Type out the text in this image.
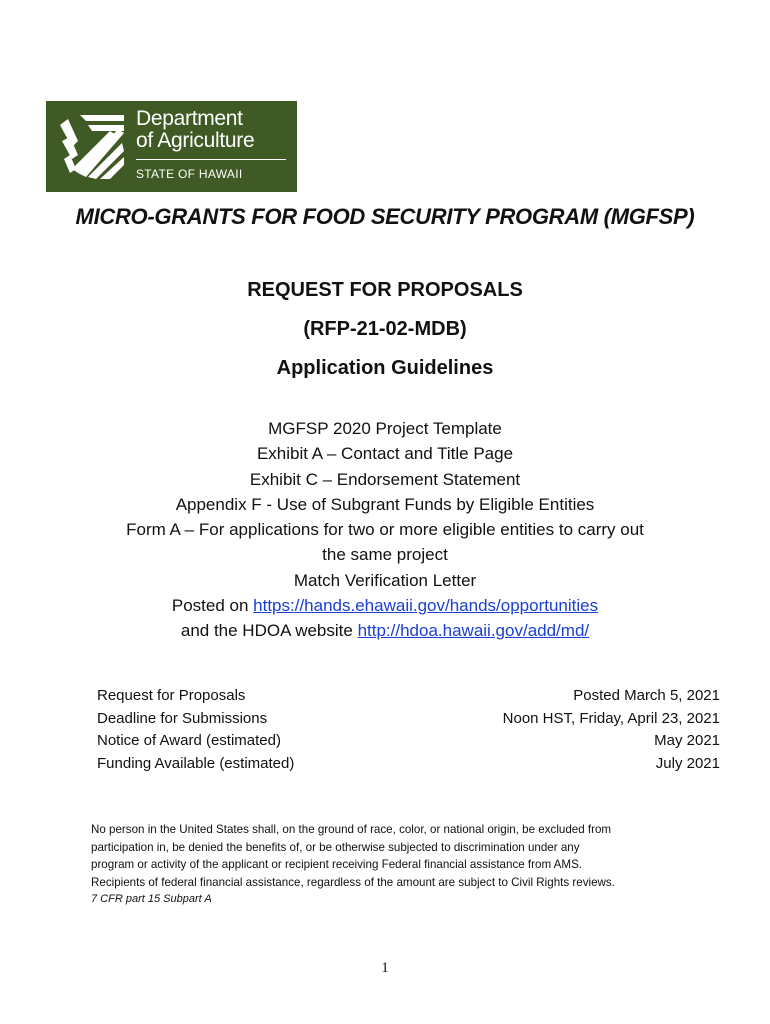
Department
of Agriculture
STATE OF HAWAII
MICRO-GRANTS FOR FOOD SECURITY PROGRAM (MGFSP)
REQUEST FOR PROPOSALS
(RFP-21-02-MDB)
Application Guidelines
MGFSP 2020 Project Template
Exhibit A – Contact and Title Page
Exhibit C – Endorsement Statement
Appendix F - Use of Subgrant Funds by Eligible Entities
Form A – For applications for two or more eligible entities to carry out
the same project
Match Verification Letter
Posted on https://hands.ehawaii.gov/hands/opportunities
and the HDOA website http://hdoa.hawaii.gov/add/md/
Request for Proposals	Posted March 5, 2021
Deadline for Submissions	Noon HST, Friday, April 23, 2021
Notice of Award (estimated)	May 2021
Funding Available (estimated)	July 2021
No person in the United States shall, on the ground of race, color, or national origin, be excluded from
participation in, be denied the benefits of, or be otherwise subjected to discrimination under any
program or activity of the applicant or recipient receiving Federal financial assistance from AMS.
Recipients of federal financial assistance, regardless of the amount are subject to Civil Rights reviews.
7 CFR part 15 Subpart A
1
